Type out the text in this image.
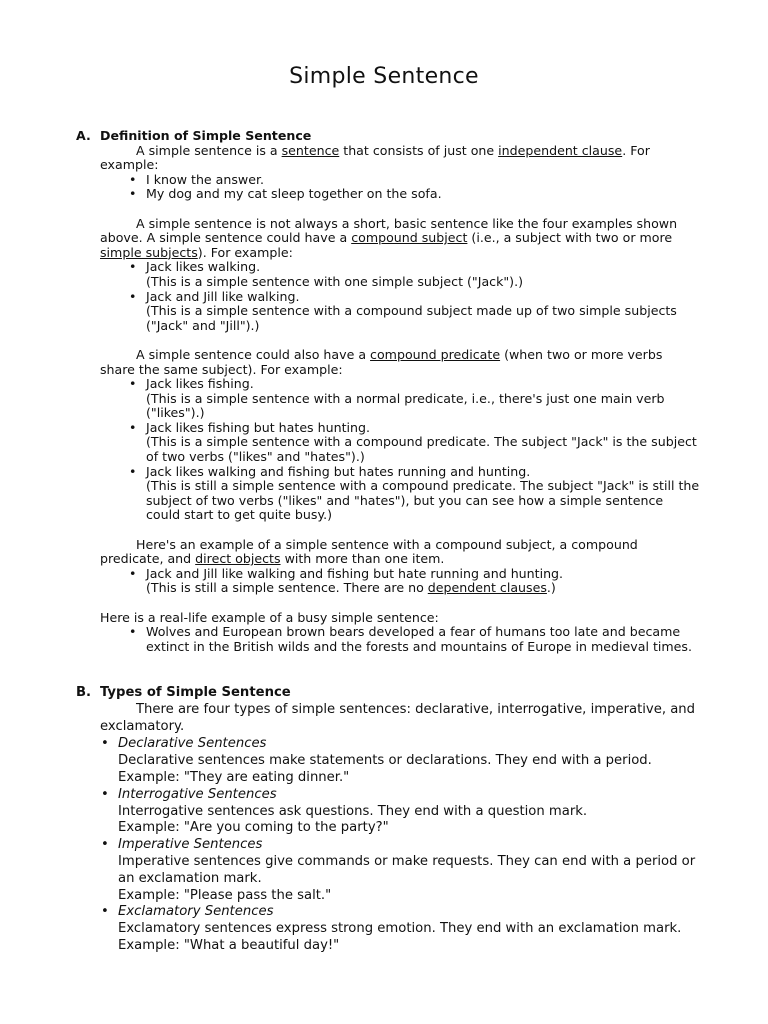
Simple Sentence
A. Definition of Simple Sentence

A simple sentence is a sentence that consists of just one independent clause. For example:

• I know the answer.
• My dog and my cat sleep together on the sofa.

A simple sentence is not always a short, basic sentence like the four examples shown above. A simple sentence could have a compound subject (i.e., a subject with two or more simple subjects). For example:

• Jack likes walking.
(This is a simple sentence with one simple subject ("Jack").)
• Jack and Jill like walking.
(This is a simple sentence with a compound subject made up of two simple subjects ("Jack" and "Jill").)

A simple sentence could also have a compound predicate (when two or more verbs share the same subject). For example:

• Jack likes fishing.
(This is a simple sentence with a normal predicate, i.e., there's just one main verb ("likes").)
• Jack likes fishing but hates hunting.
(This is a simple sentence with a compound predicate. The subject "Jack" is the subject of two verbs ("likes" and "hates").)
• Jack likes walking and fishing but hates running and hunting.
(This is still a simple sentence with a compound predicate. The subject "Jack" is still the subject of two verbs ("likes" and "hates"), but you can see how a simple sentence could start to get quite busy.)

Here's an example of a simple sentence with a compound subject, a compound predicate, and direct objects with more than one item.

• Jack and Jill like walking and fishing but hate running and hunting.
(This is still a simple sentence. There are no dependent clauses.)

Here is a real-life example of a busy simple sentence:

• Wolves and European brown bears developed a fear of humans too late and became extinct in the British wilds and the forests and mountains of Europe in medieval times.
B. Types of Simple Sentence

There are four types of simple sentences: declarative, interrogative, imperative, and exclamatory.

• Declarative Sentences
Declarative sentences make statements or declarations. They end with a period.
Example: "They are eating dinner."
• Interrogative Sentences
Interrogative sentences ask questions. They end with a question mark.
Example: "Are you coming to the party?"
• Imperative Sentences
Imperative sentences give commands or make requests. They can end with a period or an exclamation mark.
Example: "Please pass the salt."
• Exclamatory Sentences
Exclamatory sentences express strong emotion. They end with an exclamation mark.
Example: "What a beautiful day!"
